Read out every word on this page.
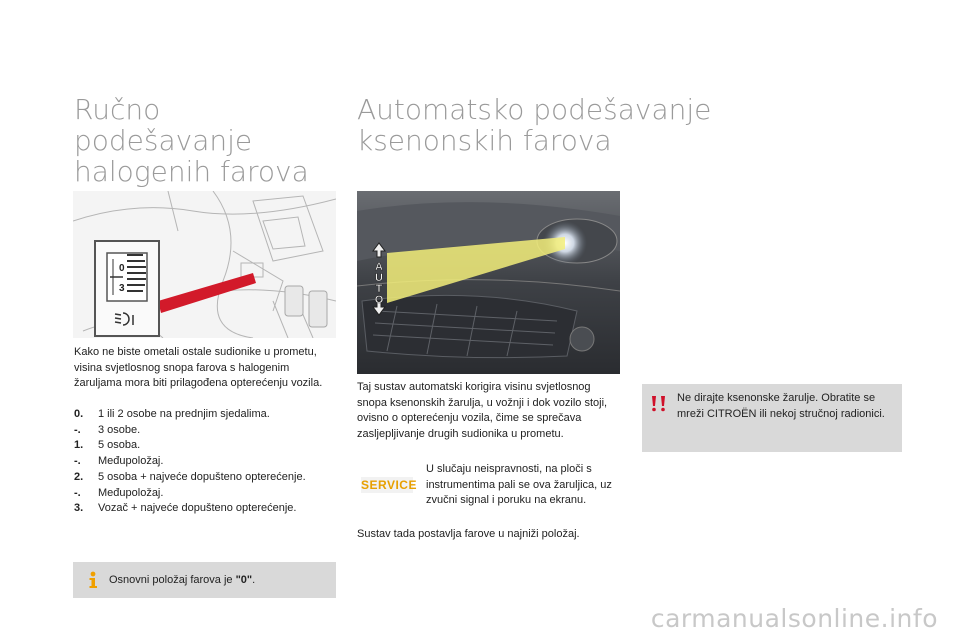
Ručno podešavanje halogenih farova
Automatsko podešavanje ksenonskih farova
0
3
A
U
T
O

Kako ne biste ometali ostale sudionike u prometu, visina svjetlosnog snopa farova s halogenim žaruljama mora biti prilagođena opterećenju vozila.

0.	1 ili 2 osobe na prednjim sjedalima.
-.	3 osobe.
1.	5 osoba.
-.	Međupoložaj.
2.	5 osoba + najveće dopušteno opterećenje.
-.	Međupoložaj.
3.	Vozač + najveće dopušteno opterećenje.
Osnovni položaj farova je "0".

Taj sustav automatski korigira visinu svjetlosnog snopa ksenonskih žarulja, u vožnji i dok vozilo stoji, ovisno o opterećenju vozila, čime se sprečava zasljepljivanje drugih sudionika u prometu.

SERVICE

U slučaju neispravnosti, na ploči s instrumentima pali se ova žaruljica, uz zvučni signal i poruku na ekranu.

Sustav tada postavlja farove u najniži položaj.

Ne dirajte ksenonske žarulje. Obratite se mreži CITROËN ili nekoj stručnoj radionici.
carmanualsonline.info
